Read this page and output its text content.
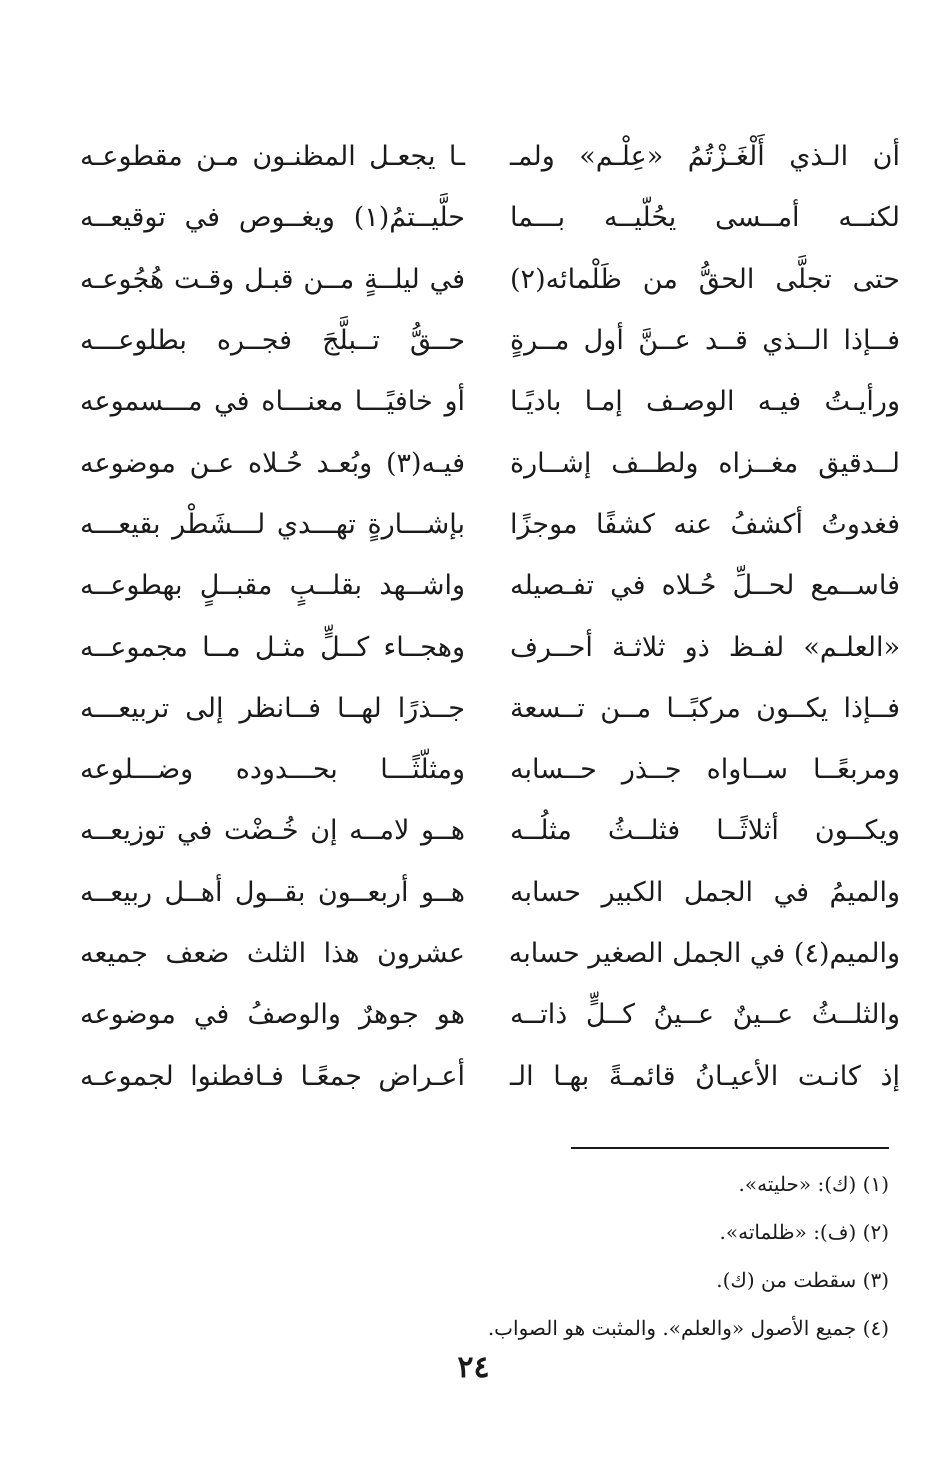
أن الـذي أَلْغَـزْتُمُ «عِلْـم» ولمـ
لكنــه أمــسى يحُلّيــه بـــما
حتى تجلَّى الحقُّ من ظَلْمائه(٢)
فــإذا الــذي قــد عــنَّ أول مــرةٍ
ورأيـتُ فيـه الوصـف إمـا باديًـا
لــدقيق مغــزاه ولطــف إشــارة
فغدوتُ أكشفُ عنه كشفًا موجزًا
فاســمع لحــلِّ حُـلاه في تفـصيله
«العلـم» لفـظ ذو ثلاثـة أحــرف
فــإذا يكــون مركبًــا مــن تــسعة
ومربعًــا ســاواه جــذر حــسابه
ويكــون أثلاثًــا فثلــثُ مثلُــه
والميمُ في الجمل الكبير حسابه
والميم(٤) في الجمل الصغير حسابه
والثلــثُ عــينٌ عــينُ كــلٍّ ذاتــه
إذ كانـت الأعيـانُ قائمـةً بهـا الـ
ـا يجعـل المظنـون مـن مقطوعـه
حلَّيــتمُ(١) ويغــوص في توقيعــه
في ليلــةٍ مــن قبـل وقـت هُجُوعـه
حــقُّ تــبلَّجَ فجــره بطلوعـــه
أو خافيًـــا معنـــاه في مـــسموعه
فيـه(٣) وبُعـد حُـلاه عـن موضوعه
بإشـــارةٍ تهـــدي لـــشَطْر بقيعـــه
واشــهد بقلــبٍ مقبــلٍ بهطوعــه
وهجــاء كــلٍّ مثـل مــا مجموعــه
جــذرًا لهــا فــانظر إلى تربيعـــه
ومثلّثًـــا بحـــدوده وضـــلوعه
هــو لامــه إن خُـضْت في توزيعــه
هــو أربعــون بقــول أهــل ربيعــه
عشرون هذا الثلث ضعف جميعه
هو جوهرٌ والوصفُ في موضوعه
أعـراض جمعًـا فـافطنوا لجموعـه
(١) (ك): «حليته».
(٢) (ف): «ظلماته».
(٣) سقطت من (ك).
(٤) جميع الأصول «والعلم». والمثبت هو الصواب.
٢٤
